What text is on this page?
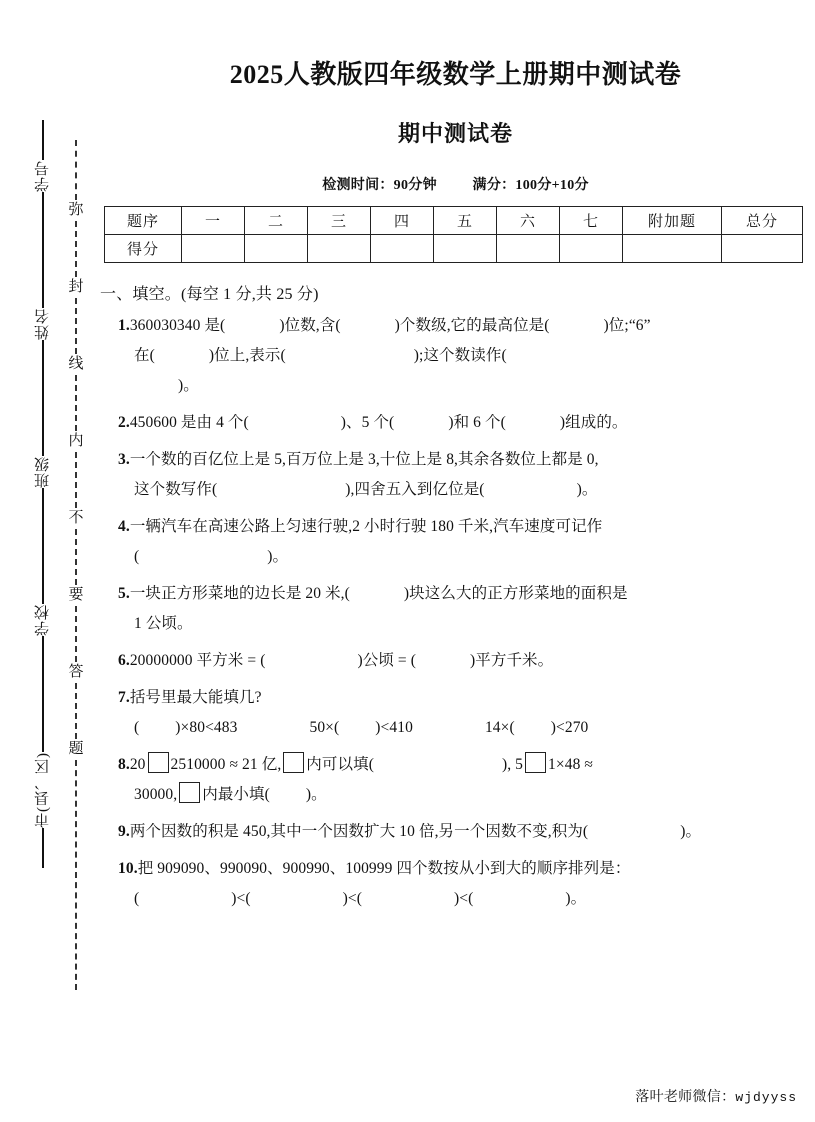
学号
姓名
班级
学校
市(县、区)
弥
封
线
内
不
要
答
题
2025人教版四年级数学上册期中测试卷
期中测试卷
检测时间：90分钟	满分：100分+10分
题序	一	二	三	四	五	六	七	附加题	总分
得分									
一、填空。(每空 1 分,共 25 分)
1.360030340 是(	)位数,含(	)个数级,它的最高位是(	)位;“6”
在(	)位上,表示(	);这个数读作(
)。
2.450600 是由 4 个(	)、5 个(	)和 6 个(	)组成的。
3.一个数的百亿位上是 5,百万位上是 3,十位上是 8,其余各数位上都是 0,
这个数写作(	),四舍五入到亿位是(	)。
4.一辆汽车在高速公路上匀速行驶,2 小时行驶 180 千米,汽车速度可记作
(	)。
5.一块正方形菜地的边长是 20 米,(	)块这么大的正方形菜地的面积是
1 公顷。
6.20000000 平方米 = (	)公顷 = (	)平方千米。
7.括号里最大能填几?
( )×80<483	50×( )<410	14×( )<270
8.20 2510000 ≈ 21 亿, 内可以填(	), 5 1×48 ≈
30000, 内最小填( )。
9.两个因数的积是 450,其中一个因数扩大 10 倍,另一个因数不变,积为(	)。
10.把 909090、990090、900990、100999 四个数按从小到大的顺序排列是：
(	)<(	)<(	)<(	)。
落叶老师微信：wjdyyss
